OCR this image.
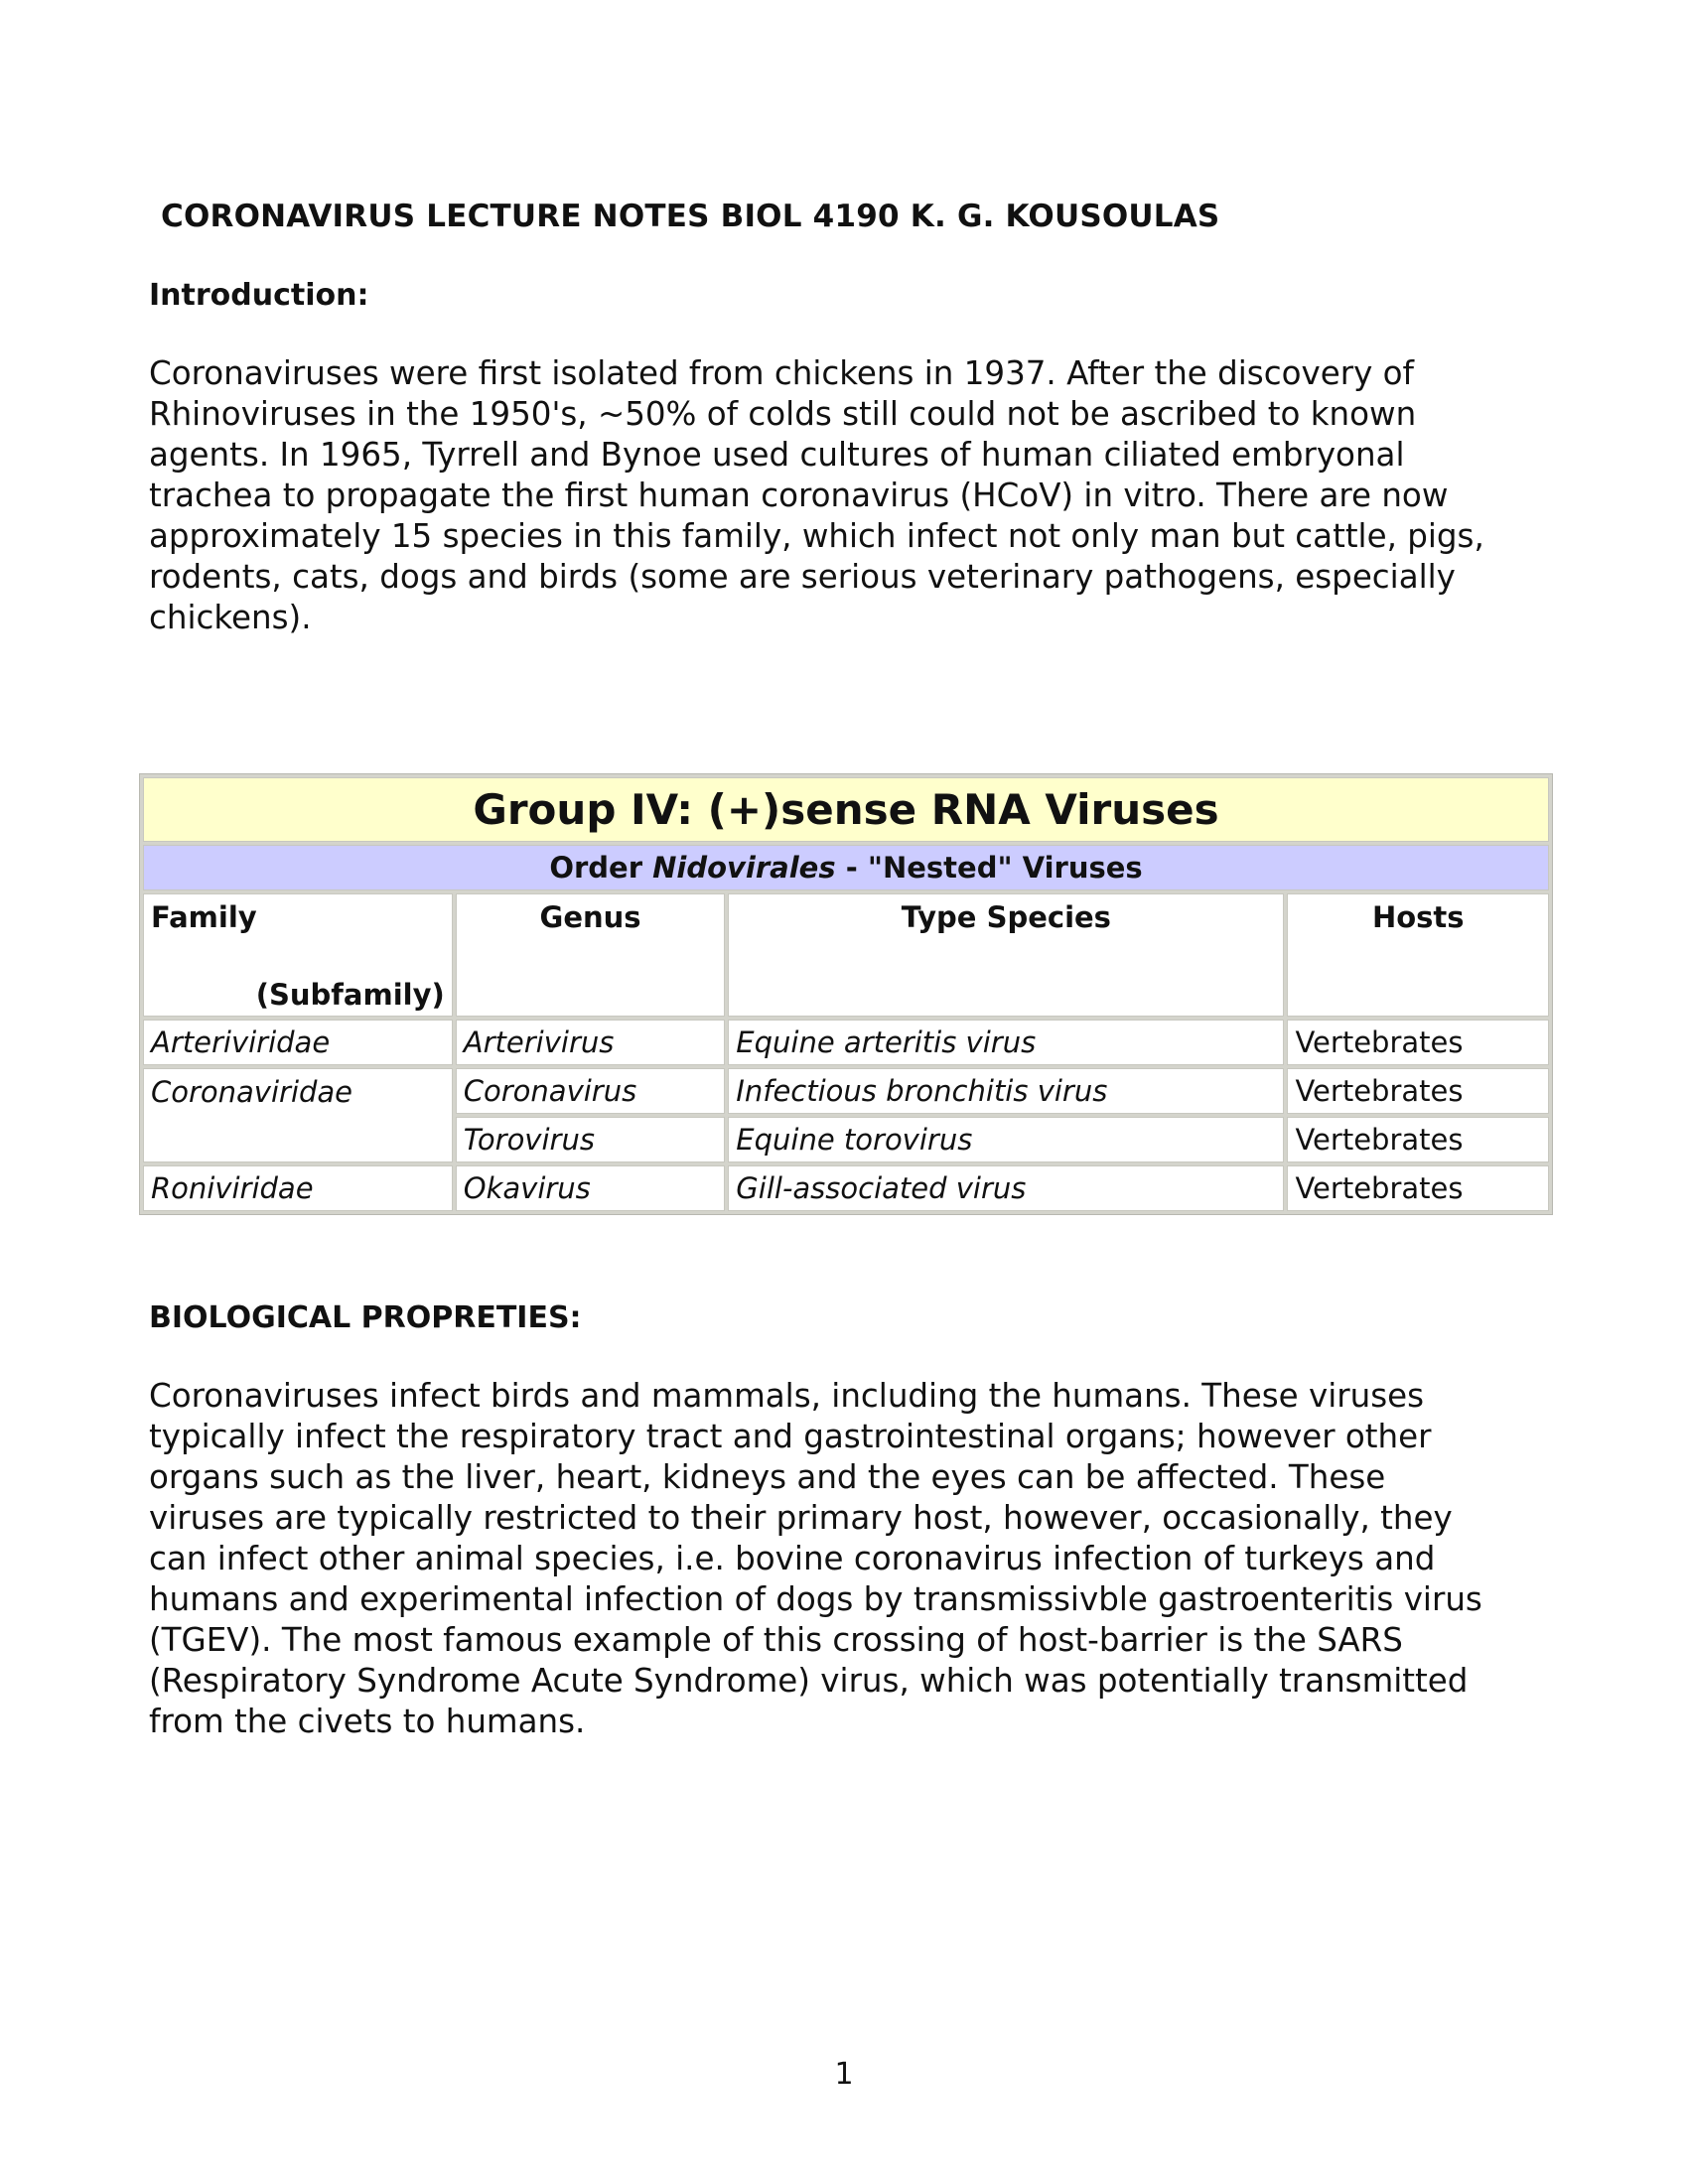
CORONAVIRUS LECTURE NOTES BIOL 4190 K. G. KOUSOULAS
Introduction:
Coronaviruses were first isolated from chickens in 1937. After the discovery of
Rhinoviruses in the 1950's, ~50% of colds still could not be ascribed to known
agents. In 1965, Tyrrell and Bynoe used cultures of human ciliated embryonal
trachea to propagate the first human coronavirus (HCoV) in vitro. There are now
approximately 15 species in this family, which infect not only man but cattle, pigs,
rodents, cats, dogs and birds (some are serious veterinary pathogens, especially
chickens).
Group IV: (+)sense RNA Viruses			
Order Nidovirales - "Nested" Viruses			

Family
(Subfamily)	Genus	Type Species	Hosts
Arteriviridae	Arterivirus	Equine arteritis virus	Vertebrates
Coronaviridae	Coronavirus	Infectious bronchitis virus	Vertebrates
	Torovirus	Equine torovirus	Vertebrates
Roniviridae	Okavirus	Gill-associated virus	Vertebrates
BIOLOGICAL PROPRETIES:
Coronaviruses infect birds and mammals, including the humans. These viruses
typically infect the respiratory tract and gastrointestinal organs; however other
organs such as the liver, heart, kidneys and the eyes can be affected. These
viruses are typically restricted to their primary host, however, occasionally, they
can infect other animal species, i.e. bovine coronavirus infection of turkeys and
humans and experimental infection of dogs by transmissivble gastroenteritis virus
(TGEV). The most famous example of this crossing of host-barrier is the SARS
(Respiratory Syndrome Acute Syndrome) virus, which was potentially transmitted
from the civets to humans.
1
